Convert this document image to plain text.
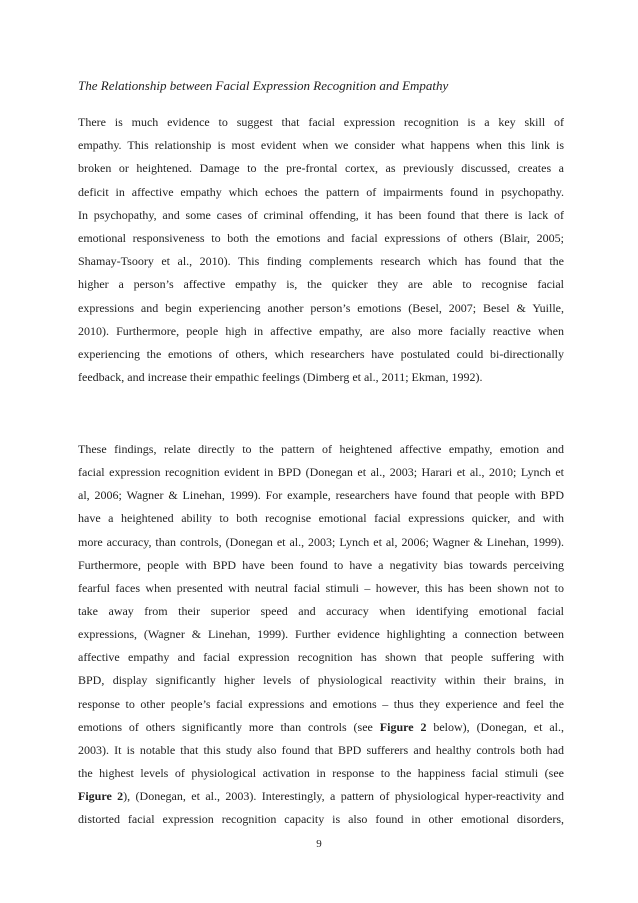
The Relationship between Facial Expression Recognition and Empathy
There is much evidence to suggest that facial expression recognition is a key skill of
empathy. This relationship is most evident when we consider what happens when this link is
broken or heightened. Damage to the pre-frontal cortex, as previously discussed, creates a
deficit in affective empathy which echoes the pattern of impairments found in psychopathy.
In psychopathy, and some cases of criminal offending, it has been found that there is lack of
emotional responsiveness to both the emotions and facial expressions of others (Blair, 2005;
Shamay-Tsoory et al., 2010). This finding complements research which has found that the
higher a person’s affective empathy is, the quicker they are able to recognise facial
expressions and begin experiencing another person’s emotions (Besel, 2007; Besel & Yuille,
2010). Furthermore, people high in affective empathy, are also more facially reactive when
experiencing the emotions of others, which researchers have postulated could bi-directionally
feedback, and increase their empathic feelings (Dimberg et al., 2011; Ekman, 1992).
These findings, relate directly to the pattern of heightened affective empathy, emotion and
facial expression recognition evident in BPD (Donegan et al., 2003; Harari et al., 2010; Lynch et
al, 2006; Wagner & Linehan, 1999). For example, researchers have found that people with BPD
have a heightened ability to both recognise emotional facial expressions quicker, and with
more accuracy, than controls, (Donegan et al., 2003; Lynch et al, 2006; Wagner & Linehan, 1999).
Furthermore, people with BPD have been found to have a negativity bias towards perceiving
fearful faces when presented with neutral facial stimuli – however, this has been shown not to
take away from their superior speed and accuracy when identifying emotional facial
expressions, (Wagner & Linehan, 1999). Further evidence highlighting a connection between
affective empathy and facial expression recognition has shown that people suffering with
BPD, display significantly higher levels of physiological reactivity within their brains, in
response to other people’s facial expressions and emotions – thus they experience and feel the
emotions of others significantly more than controls (see Figure 2 below), (Donegan, et al.,
2003). It is notable that this study also found that BPD sufferers and healthy controls both had
the highest levels of physiological activation in response to the happiness facial stimuli (see
Figure 2), (Donegan, et al., 2003). Interestingly, a pattern of physiological hyper-reactivity and
distorted facial expression recognition capacity is also found in other emotional disorders,
9
